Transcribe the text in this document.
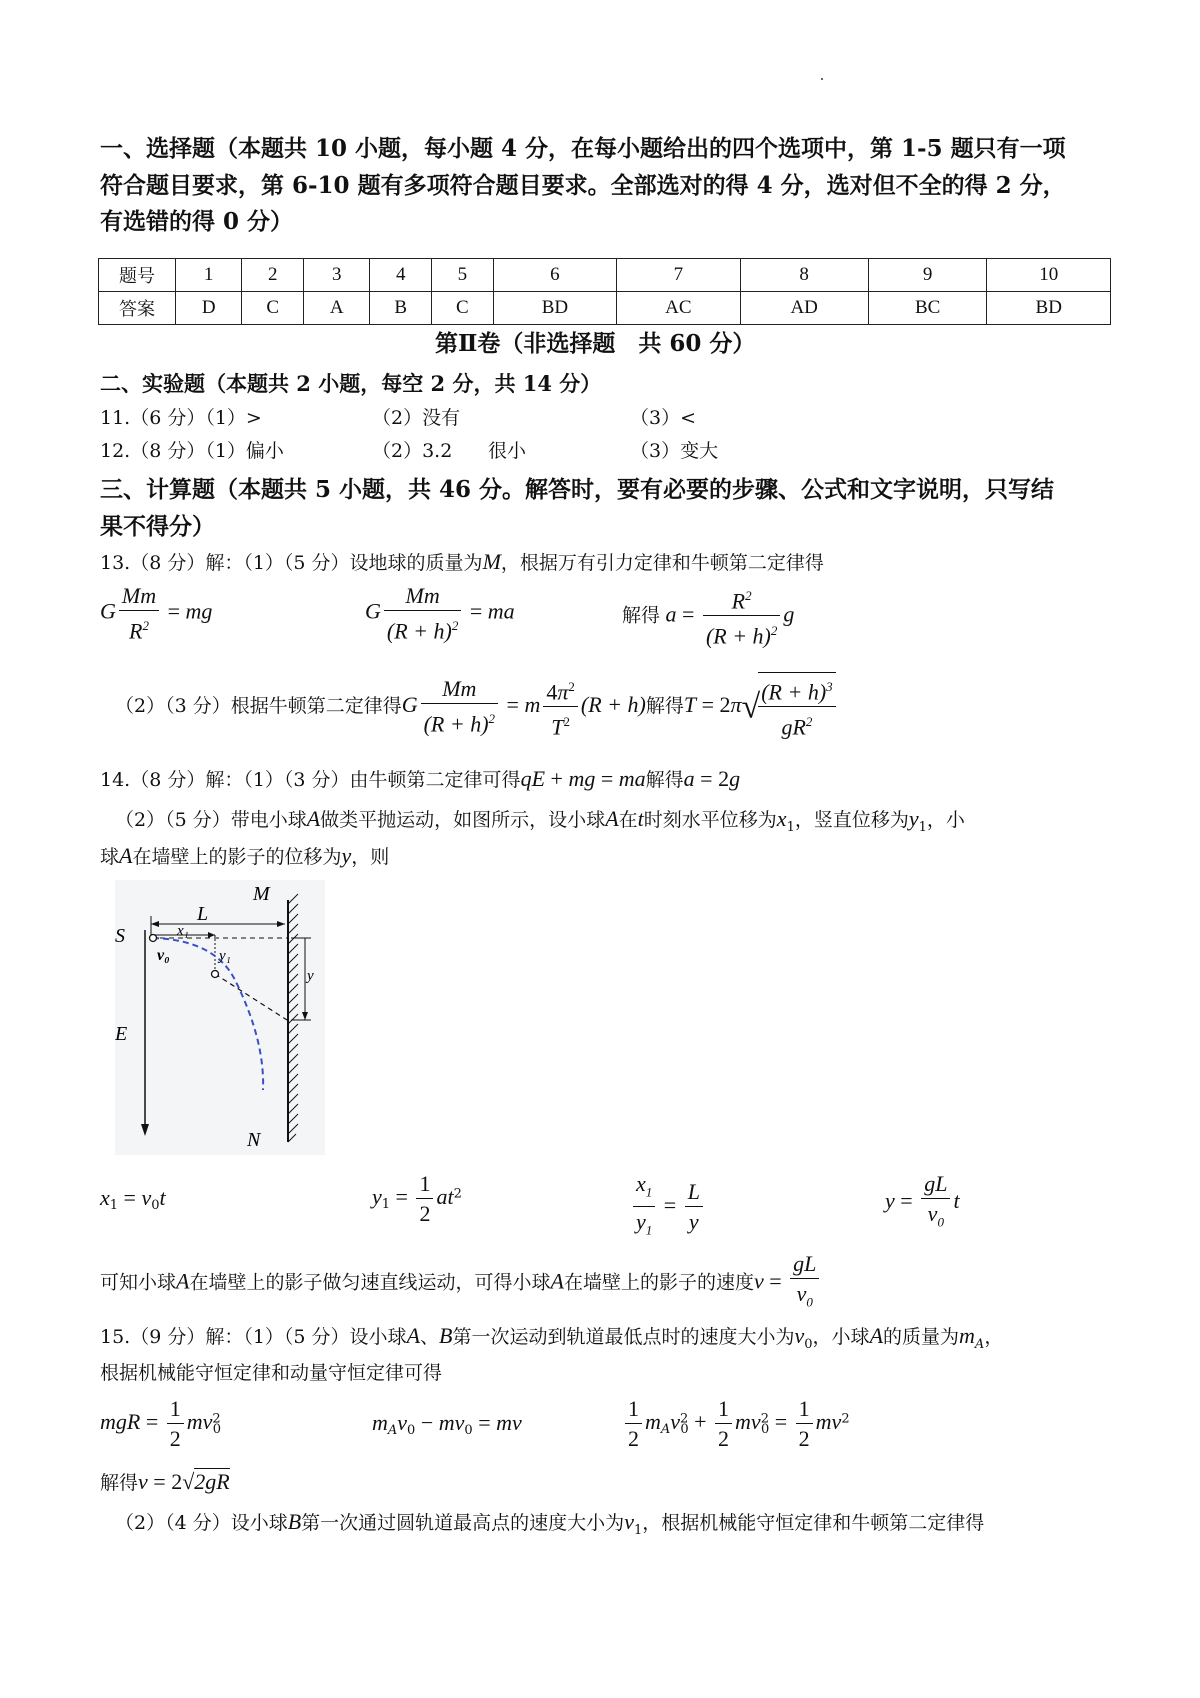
一、选择题（本题共 10 小题，每小题 4 分，在每小题给出的四个选项中，第 1-5 题只有一项
符合题目要求，第 6-10 题有多项符合题目要求。全部选对的得 4 分，选对但不全的得 2 分，
有选错的得 0 分）
题号	1	2	3	4	5	6	7	8	9	10
答案	D	C	A	B	C	BD	AC	AD	BC	BD
第Ⅱ卷（非选择题　共 60 分）
二、实验题（本题共 2 小题，每空 2 分，共 14 分）
11.（6 分）（1）>	（2）没有	（3）<
12.（8 分）（1）偏小	（2）3.2 很小	（3）变大
三、计算题（本题共 5 小题，共 46 分。解答时，要有必要的步骤、公式和文字说明，只写结
果不得分）
13.（8 分）解：（1）（5 分）设地球的质量为M，根据万有引力定律和牛顿第二定律得
G $\frac{Mm}{R^2}$ = mg	G $\frac{Mm}{(R + h)^2}$ = ma	解得 $a = \frac{R^2}{(R + h)^2}$ g
（2）（3 分）根据牛顿第二定律得G $\frac{Mm}{(R + h)^2} = m \frac{4\pi^2}{T^2} (R + h)$解得T = 2π√
$\frac{(R + h)^3}{gR^2}$
14.（8 分）解：（1）（3 分）由牛顿第二定律可得qE + mg = ma解得a = 2g
（2）（5 分）带电小球A做类平抛运动，如图所示，设小球A在t时刻水平位移为$x_1$，竖直位移为$y_1$，小
球A在墙壁上的影子的位移为y，则
M
N
S
E
L
x₁
y₁
y
v₀
$x_1 = v_0t$	$y_1 = \frac{1}{2} at^2$	$\frac{x_1}{y_1} = \frac{L}{y}$	$y = \frac{gL}{v_0}$ t
可知小球A在墙壁上的影子做匀速直线运动，可得小球A在墙壁上的影子的速度$v = \frac{gL}{v_0}$
15.（9 分）解：（1）（5 分）设小球A、B第一次运动到轨道最低点时的速度大小为$v_0$，小球A的质量为$m_A$，
根据机械能守恒定律和动量守恒定律可得
mgR = $\frac{1}{2} mv^2_0$	$m_Av_0 - mv_0$ = mv	$\frac{1}{2} m_Av^2_0 + \frac{1}{2} mv^2_0 = \frac{1}{2} mv^2$
解得v = 2√2gR
（2）（4 分）设小球B第一次通过圆轨道最高点的速度大小为$v_1$，根据机械能守恒定律和牛顿第二定律得
